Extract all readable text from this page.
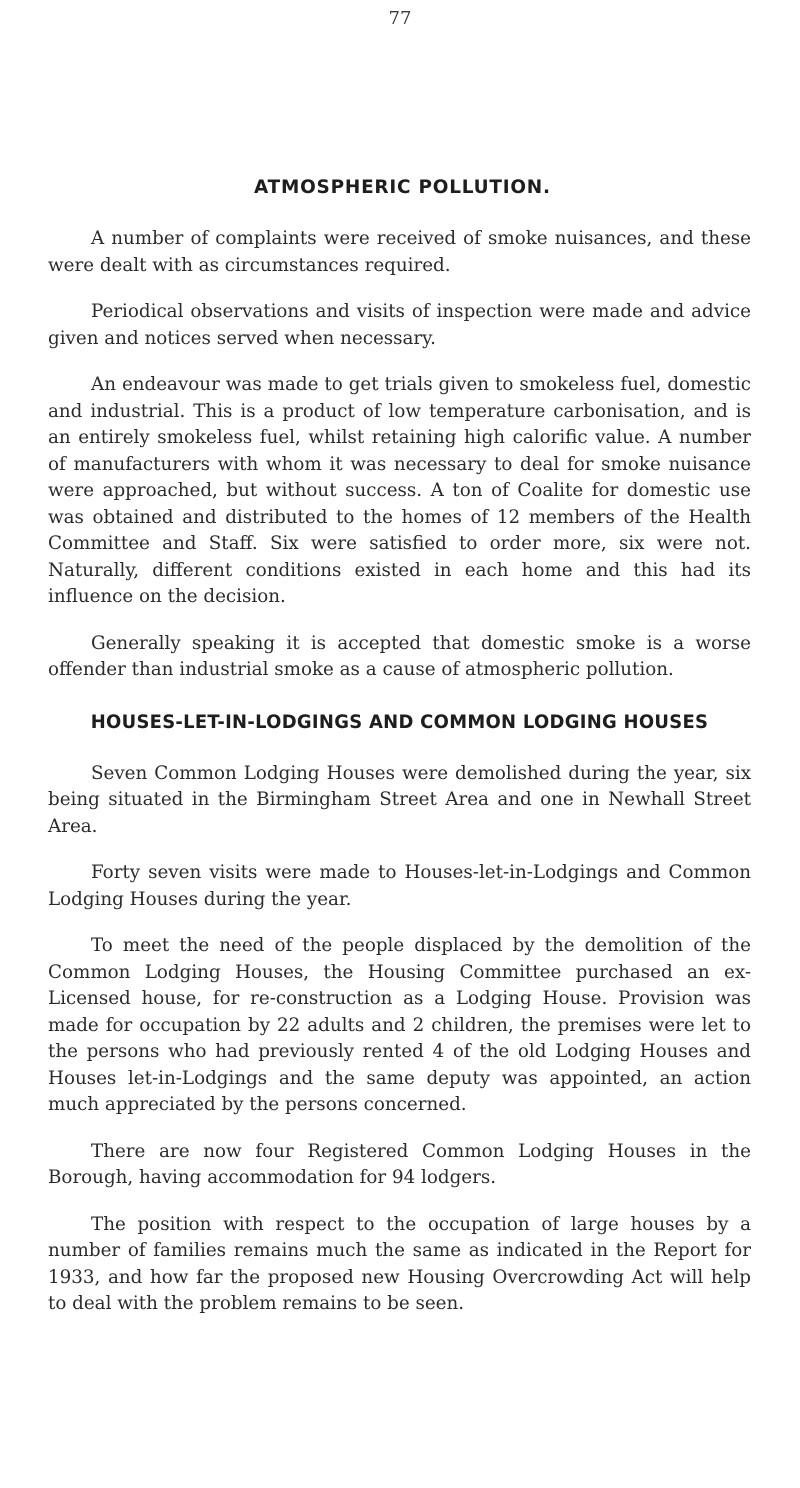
77
ATMOSPHERIC POLLUTION.

A number of complaints were received of smoke nuisances, and these were dealt with as circumstances required.

Periodical observations and visits of inspection were made and advice given and notices served when necessary.

An endeavour was made to get trials given to smokeless fuel, domestic and industrial. This is a product of low temperature carbonisation, and is an entirely smokeless fuel, whilst retaining high calorific value. A number of manufacturers with whom it was necessary to deal for smoke nuisance were approached, but without success. A ton of Coalite for domestic use was obtained and distributed to the homes of 12 members of the Health Committee and Staff. Six were satisfied to order more, six were not. Naturally, different conditions existed in each home and this had its influence on the decision.

Generally speaking it is accepted that domestic smoke is a worse offender than industrial smoke as a cause of atmospheric pollution.

HOUSES-LET-IN-LODGINGS AND COMMON LODGING HOUSES

Seven Common Lodging Houses were demolished during the year, six being situated in the Birmingham Street Area and one in Newhall Street Area.

Forty seven visits were made to Houses-let-in-Lodgings and Common Lodging Houses during the year.

To meet the need of the people displaced by the demolition of the Common Lodging Houses, the Housing Committee purchased an ex-Licensed house, for re-construction as a Lodging House. Provision was made for occupation by 22 adults and 2 children, the premises were let to the persons who had previously rented 4 of the old Lodging Houses and Houses let-in-Lodgings and the same deputy was appointed, an action much appreciated by the persons concerned.

There are now four Registered Common Lodging Houses in the Borough, having accommodation for 94 lodgers.

The position with respect to the occupation of large houses by a number of families remains much the same as indicated in the Report for 1933, and how far the proposed new Housing Overcrowding Act will help to deal with the problem remains to be seen.
